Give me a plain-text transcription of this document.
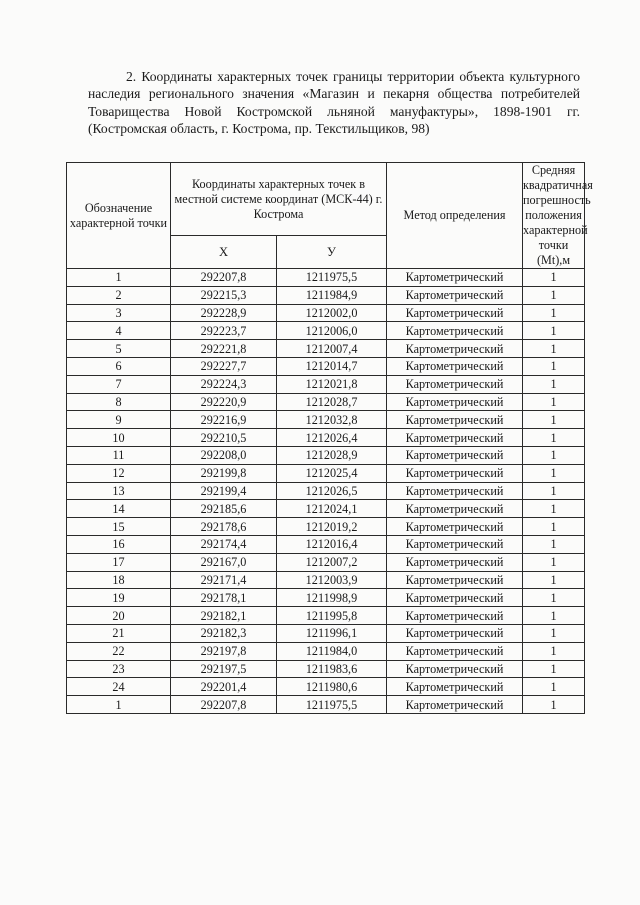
2. Координаты характерных точек границы территории объекта культурного наследия регионального значения «Магазин и пекарня общества потребителей Товарищества Новой Костромской льняной мануфактуры», 1898-1901 гг. (Костромская область, г. Кострома, пр. Текстильщиков, 98)

Обозначение характерной точки	Координаты характерных точек в местной системе координат (МСК-44) г. Кострома		Метод определения	Средняя квадратичная погрешность положения характерной точки (Mt),м
	X	У		
1	292207,8	1211975,5	Картометрический	1
2	292215,3	1211984,9	Картометрический	1
3	292228,9	1212002,0	Картометрический	1
4	292223,7	1212006,0	Картометрический	1
5	292221,8	1212007,4	Картометрический	1
6	292227,7	1212014,7	Картометрический	1
7	292224,3	1212021,8	Картометрический	1
8	292220,9	1212028,7	Картометрический	1
9	292216,9	1212032,8	Картометрический	1
10	292210,5	1212026,4	Картометрический	1
11	292208,0	1212028,9	Картометрический	1
12	292199,8	1212025,4	Картометрический	1
13	292199,4	1212026,5	Картометрический	1
14	292185,6	1212024,1	Картометрический	1
15	292178,6	1212019,2	Картометрический	1
16	292174,4	1212016,4	Картометрический	1
17	292167,0	1212007,2	Картометрический	1
18	292171,4	1212003,9	Картометрический	1
19	292178,1	1211998,9	Картометрический	1
20	292182,1	1211995,8	Картометрический	1
21	292182,3	1211996,1	Картометрический	1
22	292197,8	1211984,0	Картометрический	1
23	292197,5	1211983,6	Картометрический	1
24	292201,4	1211980,6	Картометрический	1
1	292207,8	1211975,5	Картометрический	1
